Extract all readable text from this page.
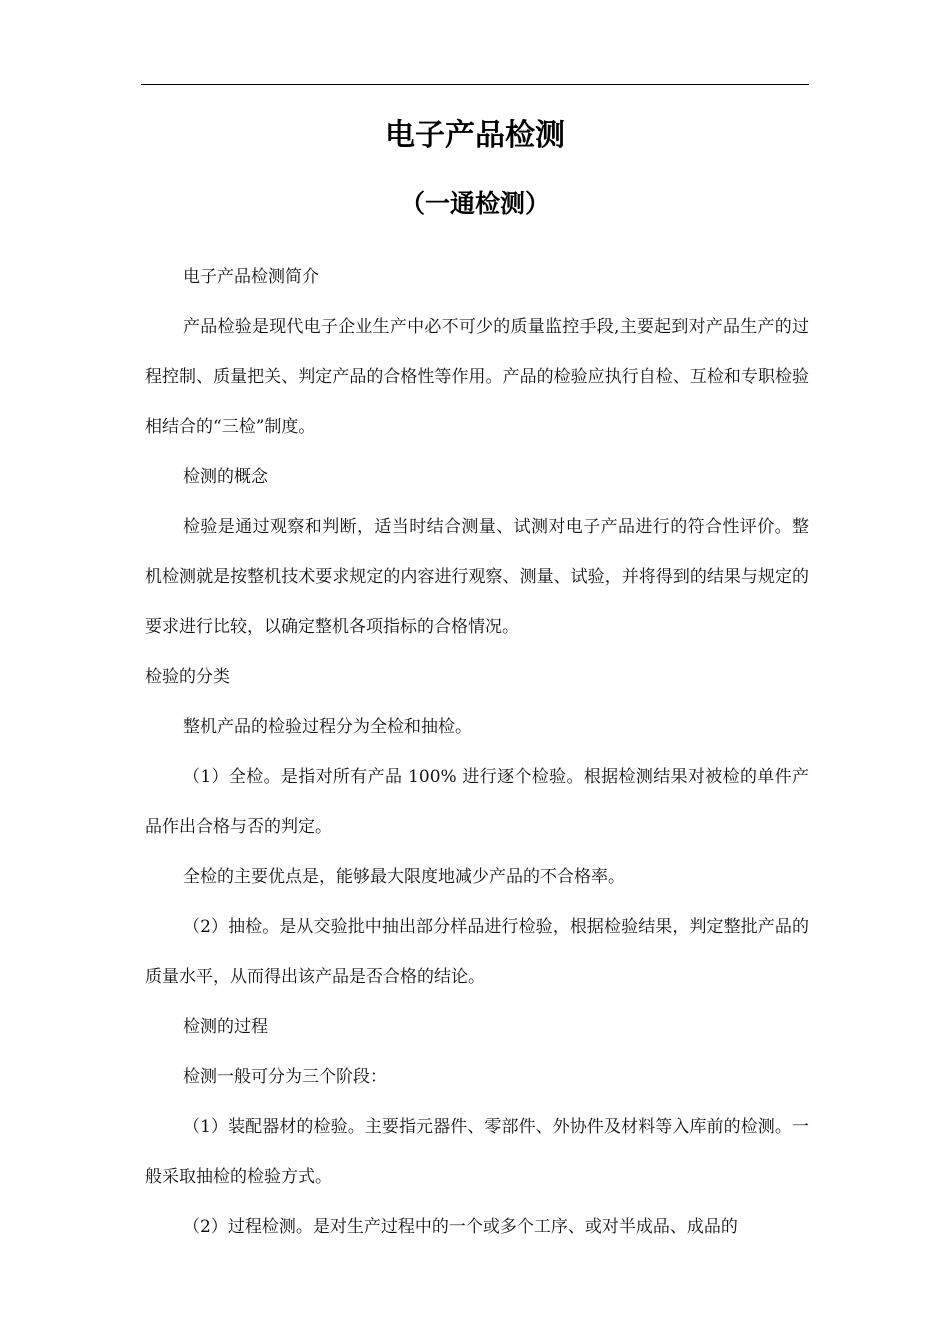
电子产品检测
（一通检测）

电子产品检测简介

产品检验是现代电子企业生产中必不可少的质量监控手段,主要起到对产品生产的过程控制、质量把关、判定产品的合格性等作用。产品的检验应执行自检、互检和专职检验相结合的“三检”制度。

检测的概念

检验是通过观察和判断，适当时结合测量、试测对电子产品进行的符合性评价。整机检测就是按整机技术要求规定的内容进行观察、测量、试验，并将得到的结果与规定的要求进行比较，以确定整机各项指标的合格情况。

检验的分类

整机产品的检验过程分为全检和抽检。

（1）全检。是指对所有产品 100% 进行逐个检验。根据检测结果对被检的单件产品作出合格与否的判定。

全检的主要优点是，能够最大限度地减少产品的不合格率。

（2）抽检。是从交验批中抽出部分样品进行检验，根据检验结果，判定整批产品的质量水平，从而得出该产品是否合格的结论。

检测的过程

检测一般可分为三个阶段：

（1）装配器材的检验。主要指元器件、零部件、外协件及材料等入库前的检测。一般采取抽检的检验方式。

（2）过程检测。是对生产过程中的一个或多个工序、或对半成品、成品的
